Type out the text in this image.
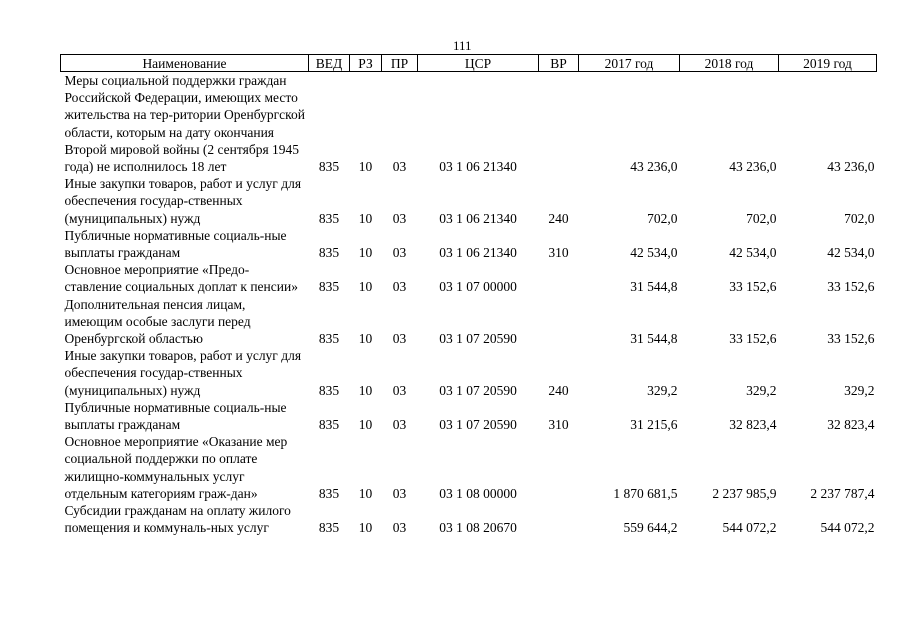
111
Наименование	ВЕД	РЗ	ПР	ЦСР	ВР	2017 год	2018 год	2019 год
Меры социальной поддержки граждан Российской Федерации, имеющих место жительства на тер-ритории Оренбургской области, которым на дату окончания Второй мировой войны (2 сентября 1945 года) не исполнилось 18 лет	835	10	03	03 1 06 21340		43 236,0	43 236,0	43 236,0
Иные закупки товаров, работ и услуг для обеспечения государ-ственных (муниципальных) нужд	835	10	03	03 1 06 21340	240	702,0	702,0	702,0
Публичные нормативные социаль-ные выплаты гражданам	835	10	03	03 1 06 21340	310	42 534,0	42 534,0	42 534,0
Основное мероприятие «Предо-ставление социальных доплат к пенсии»	835	10	03	03 1 07 00000		31 544,8	33 152,6	33 152,6
Дополнительная пенсия лицам, имеющим особые заслуги перед Оренбургской областью	835	10	03	03 1 07 20590		31 544,8	33 152,6	33 152,6
Иные закупки товаров, работ и услуг для обеспечения государ-ственных (муниципальных) нужд	835	10	03	03 1 07 20590	240	329,2	329,2	329,2
Публичные нормативные социаль-ные выплаты гражданам	835	10	03	03 1 07 20590	310	31 215,6	32 823,4	32 823,4
Основное мероприятие «Оказание мер социальной поддержки по оплате жилищно-коммунальных услуг отдельным категориям граж-дан»	835	10	03	03 1 08 00000		1 870 681,5	2 237 985,9	2 237 787,4
Субсидии гражданам на оплату жилого помещения и коммуналь-ных услуг	835	10	03	03 1 08 20670		559 644,2	544 072,2	544 072,2
